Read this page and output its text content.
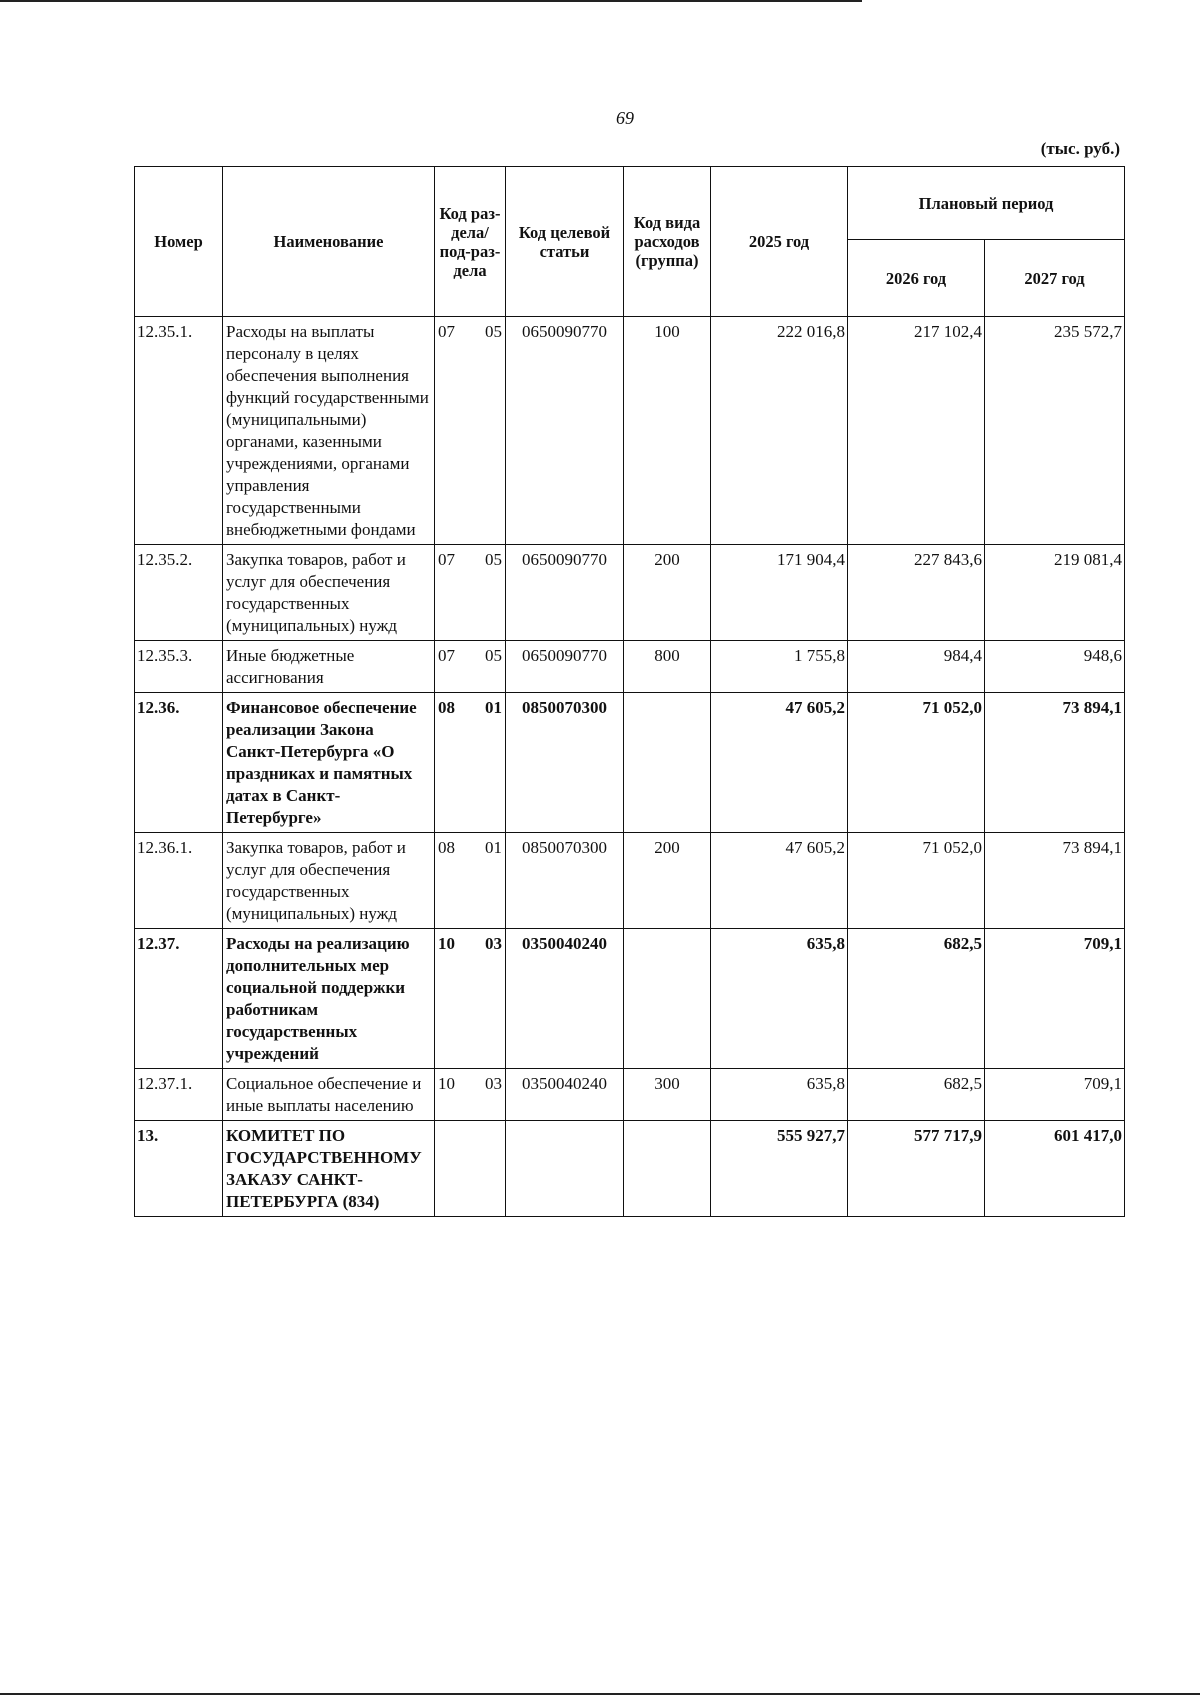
69
(тыс. руб.)
Номер	Наименование	Код раз-дела/ под-раз-дела	Код целевой статьи	Код вида расходов (группа)	2025 год	Плановый период	
						2026 год	2027 год
12.35.1.	Расходы на выплаты персоналу в целях обеспечения выполнения функций государственными (муниципальными) органами, казенными учреждениями, органами управления государственными внебюджетными фондами	07 05	0650090770	100	222 016,8	217 102,4	235 572,7
12.35.2.	Закупка товаров, работ и услуг для обеспечения государственных (муниципальных) нужд	07 05	0650090770	200	171 904,4	227 843,6	219 081,4
12.35.3.	Иные бюджетные ассигнования	07 05	0650090770	800	1 755,8	984,4	948,6
12.36.	Финансовое обеспечение реализации Закона Санкт-Петербурга «О праздниках и памятных датах в Санкт-Петербурге»	08 01	0850070300		47 605,2	71 052,0	73 894,1
12.36.1.	Закупка товаров, работ и услуг для обеспечения государственных (муниципальных) нужд	08 01	0850070300	200	47 605,2	71 052,0	73 894,1
12.37.	Расходы на реализацию дополнительных мер социальной поддержки работникам государственных учреждений	10 03	0350040240		635,8	682,5	709,1
12.37.1.	Социальное обеспечение и иные выплаты населению	10 03	0350040240	300	635,8	682,5	709,1
13.	КОМИТЕТ ПО ГОСУДАРСТВЕННОМУ ЗАКАЗУ САНКТ-ПЕТЕРБУРГА (834)				555 927,7	577 717,9	601 417,0
